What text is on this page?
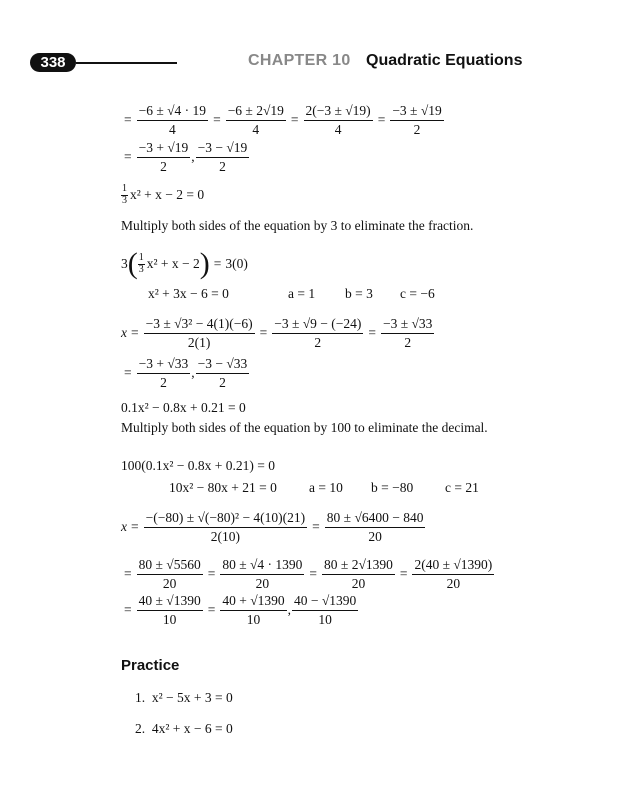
338	CHAPTER 10 Quadratic Equations
= $\frac{-6 \pm √4 \cdot 19}{4} = \frac{-6 \pm 2√19}{4} = \frac{2(-3 \pm √19)}{4} = \frac{-3 \pm √19}{2}$
= $\frac{-3 + √19}{2}$ , $\frac{-3 - √19}{2}$
1
3 x² + x − 2 = 0
Multiply both sides of the equation by 3 to eliminate the fraction.
3 ( 1
3 x² + x − 2 ) = 3(0)
x² + 3x − 6 = 0	a = 1	b = 3	c = −6
$x = \frac{\text{−3 ± √3² − 4(1)(−6)}}{2(1)} = \frac{-3 \pm √9 - (-24)}{2} = \frac{-3 \pm √33}{2}$
= $\frac{-3 + √33}{2}$ , $\frac{-3 - √33}{2}$
0.1x² − 0.8x + 0.21 = 0
Multiply both sides of the equation by 100 to eliminate the decimal.
100(0.1x² − 0.8x + 0.21) = 0
10x² − 80x + 21 = 0	a = 10	b = −80	c = 21
$x = \frac{\text{−(−80) ± √(−80)² − 4(10)(21)}}{2(10)} = \frac{80 \pm √6400 - 840}{20}$
= $\frac{80 \pm √5560}{20} = \frac{80 \pm √4 \cdot 1390}{20} = \frac{80 \pm 2√1390}{20} = \frac{2(40 \pm √1390)}{20}$
= $\frac{40 \pm √1390}{10} = \frac{40 + √1390}{10}$ , $\frac{40 - √1390}{10}$
Practice
1. x² − 5x + 3 = 0
2. 4x² + x − 6 = 0
